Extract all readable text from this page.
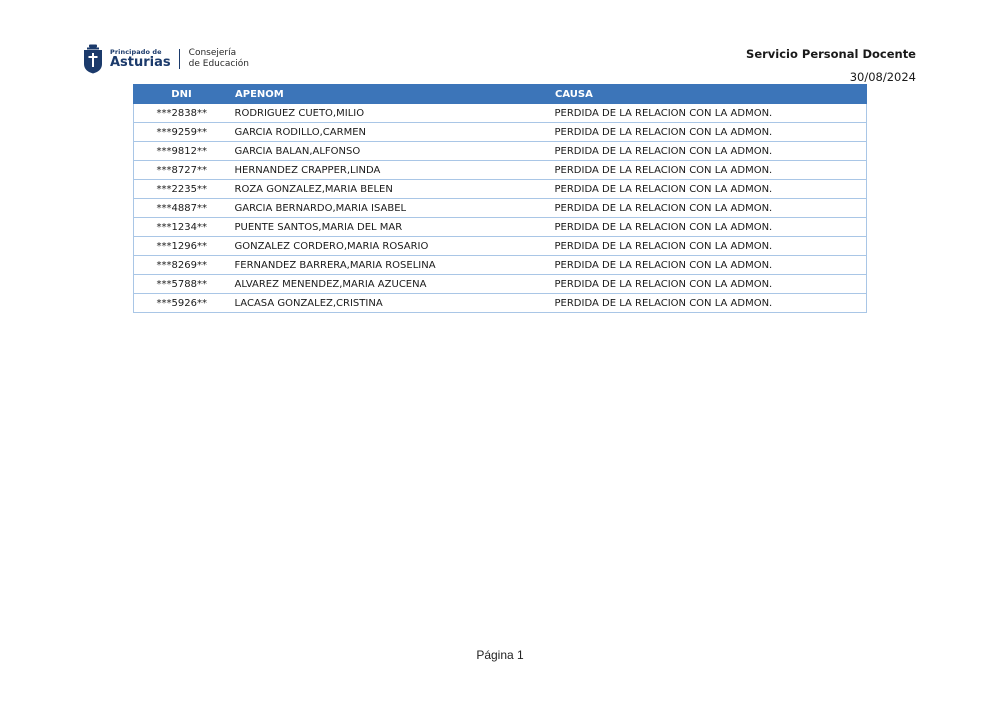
Principado de
Asturias
Consejería
de Educación
Servicio Personal Docente
30/08/2024
DNI	APENOM	CAUSA
***2838**	RODRIGUEZ CUETO,MILIO	PERDIDA DE LA RELACION CON LA ADMON.
***9259**	GARCIA RODILLO,CARMEN	PERDIDA DE LA RELACION CON LA ADMON.
***9812**	GARCIA BALAN,ALFONSO	PERDIDA DE LA RELACION CON LA ADMON.
***8727**	HERNANDEZ CRAPPER,LINDA	PERDIDA DE LA RELACION CON LA ADMON.
***2235**	ROZA GONZALEZ,MARIA BELEN	PERDIDA DE LA RELACION CON LA ADMON.
***4887**	GARCIA BERNARDO,MARIA ISABEL	PERDIDA DE LA RELACION CON LA ADMON.
***1234**	PUENTE SANTOS,MARIA DEL MAR	PERDIDA DE LA RELACION CON LA ADMON.
***1296**	GONZALEZ CORDERO,MARIA ROSARIO	PERDIDA DE LA RELACION CON LA ADMON.
***8269**	FERNANDEZ BARRERA,MARIA ROSELINA	PERDIDA DE LA RELACION CON LA ADMON.
***5788**	ALVAREZ MENENDEZ,MARIA AZUCENA	PERDIDA DE LA RELACION CON LA ADMON.
***5926**	LACASA GONZALEZ,CRISTINA	PERDIDA DE LA RELACION CON LA ADMON.
Página 1
